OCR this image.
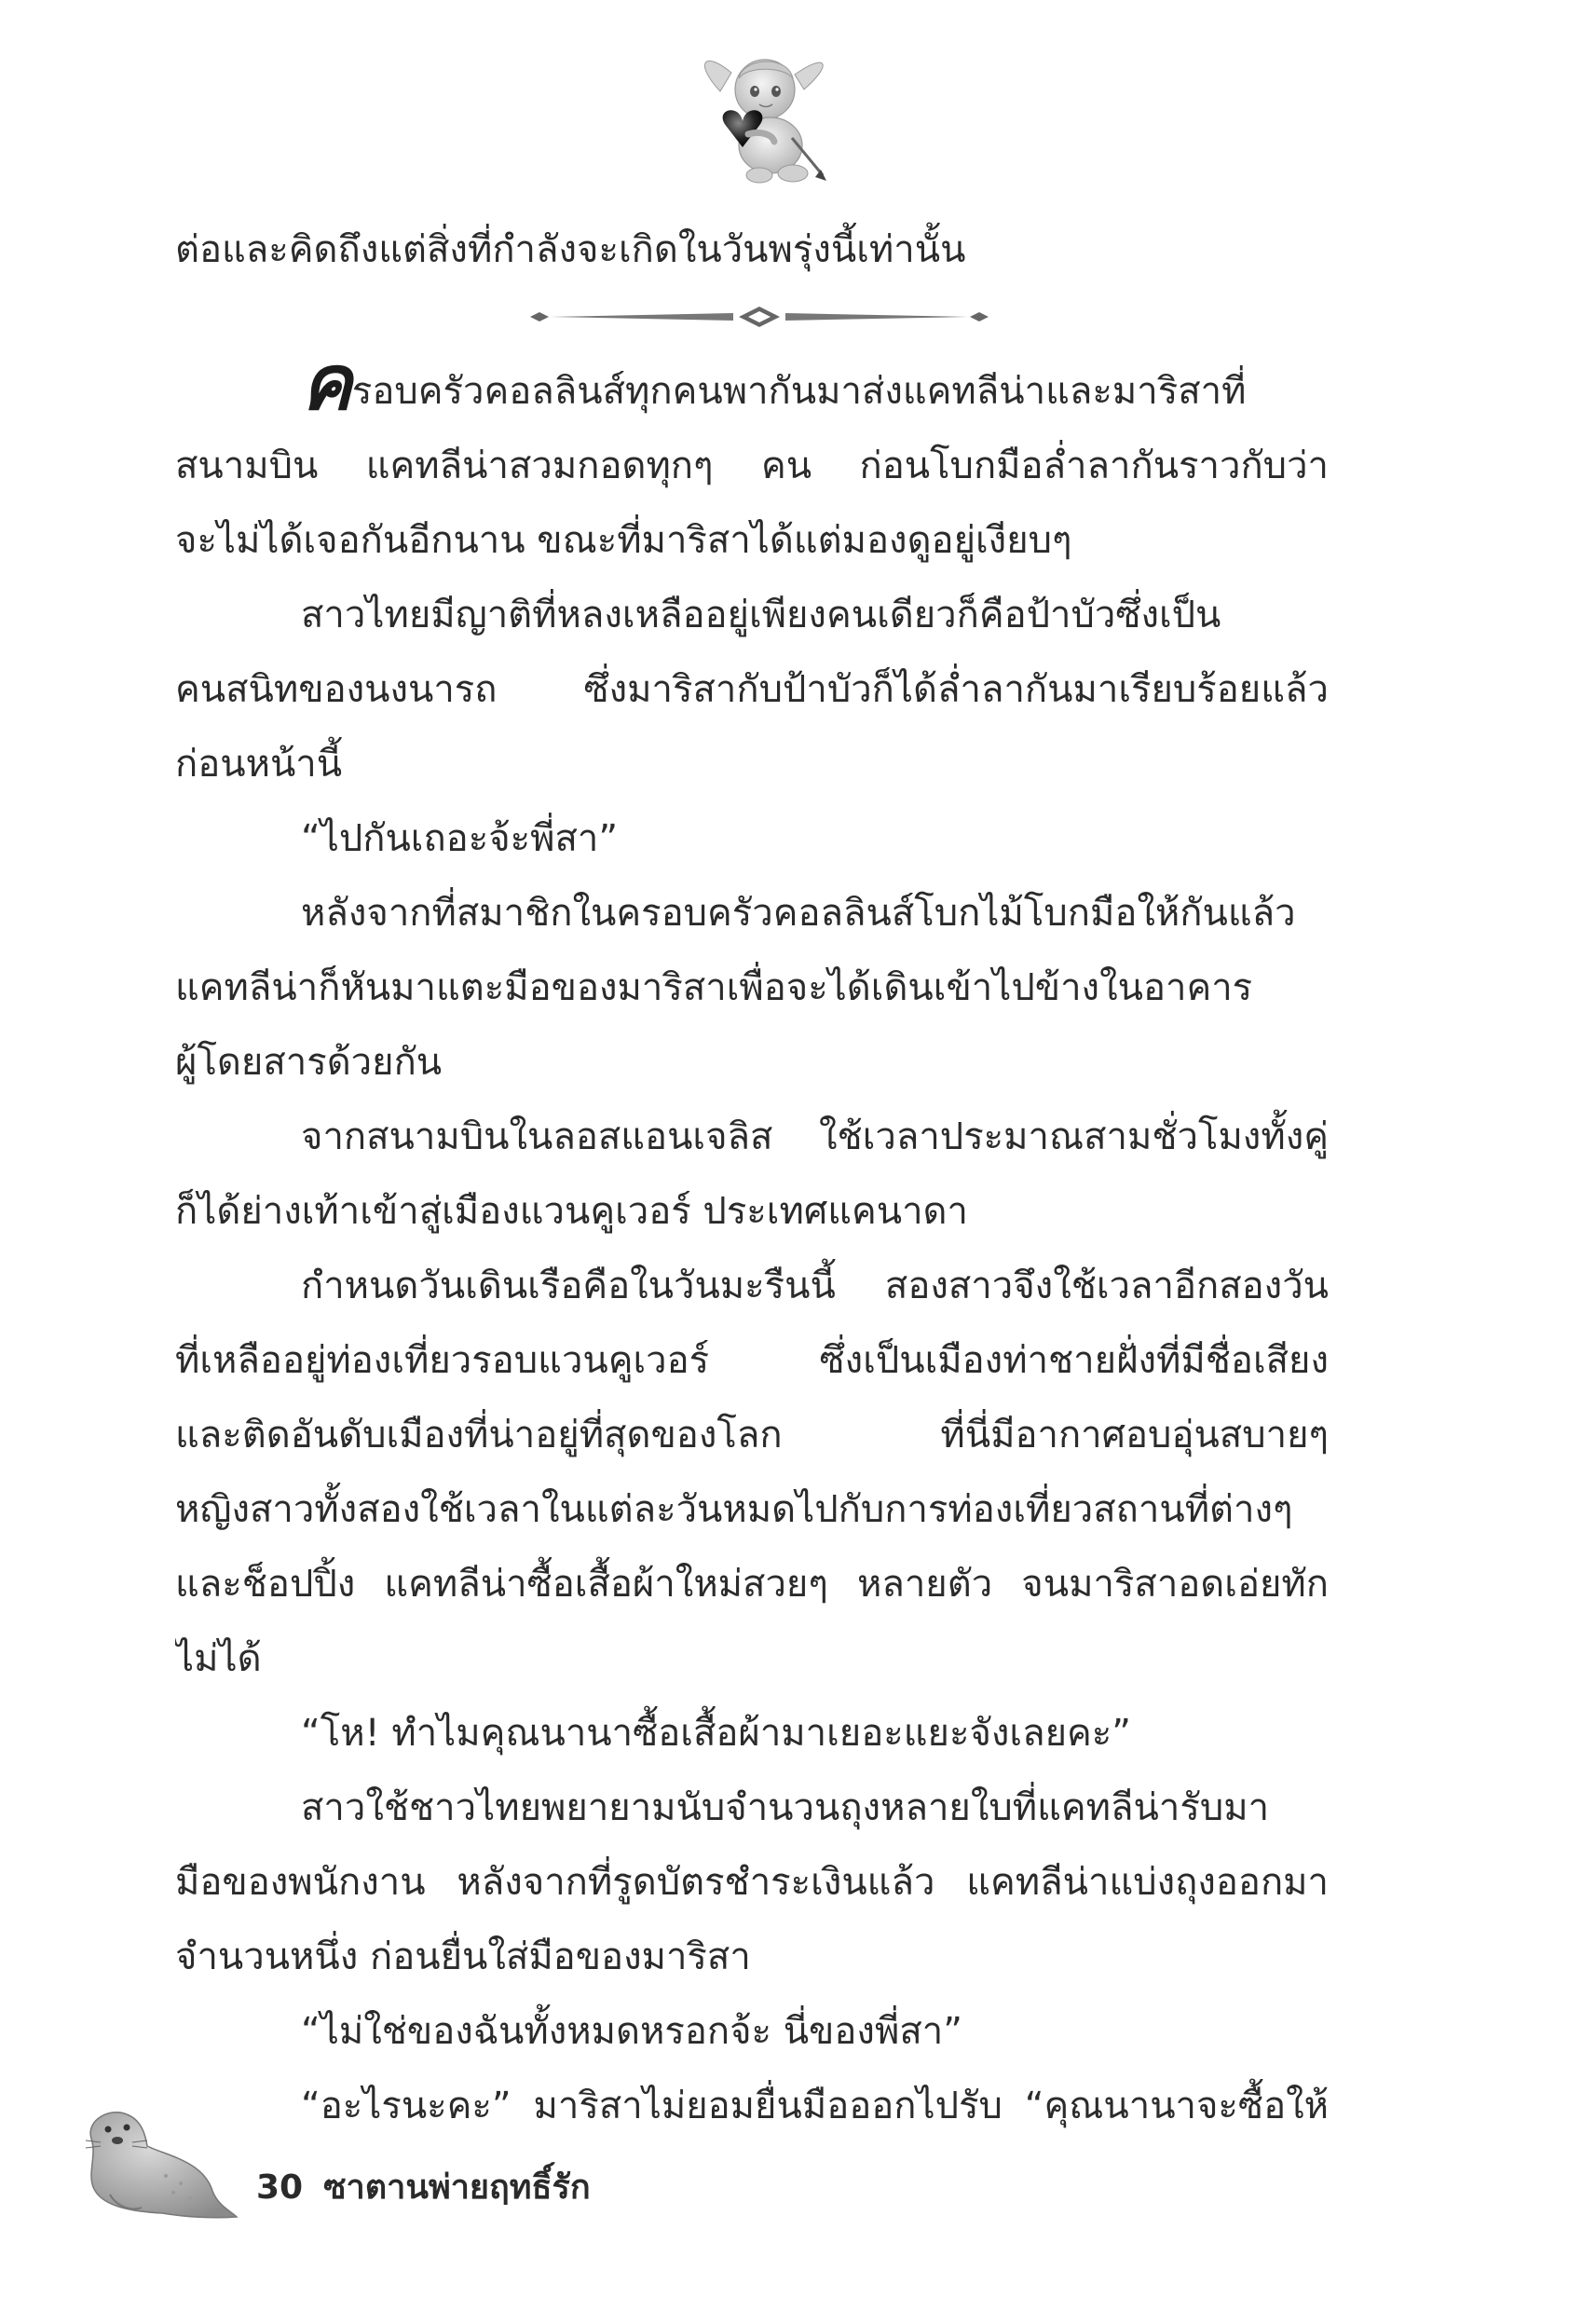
ต่อและคิดถึงแต่สิ่งที่กำลังจะเกิดในวันพรุ่งนี้เท่านั้น
ครอบครัวคอลลินส์ทุกคนพากันมาส่งแคทลีน่าและมาริสาที่
สนามบิน แคทลีน่าสวมกอดทุกๆ คน ก่อนโบกมือล่ำลากันราวกับว่า
จะไม่ได้เจอกันอีกนาน ขณะที่มาริสาได้แต่มองดูอยู่เงียบๆ
สาวไทยมีญาติที่หลงเหลืออยู่เพียงคนเดียวก็คือป้าบัวซึ่งเป็น
คนสนิทของนงนารถ ซึ่งมาริสากับป้าบัวก็ได้ล่ำลากันมาเรียบร้อยแล้ว
ก่อนหน้านี้
“ไปกันเถอะจ้ะพี่สา”
หลังจากที่สมาชิกในครอบครัวคอลลินส์โบกไม้โบกมือให้กันแล้ว
แคทลีน่าก็หันมาแตะมือของมาริสาเพื่อจะได้เดินเข้าไปข้างในอาคาร
ผู้โดยสารด้วยกัน
จากสนามบินในลอสแอนเจลิส ใช้เวลาประมาณสามชั่วโมงทั้งคู่
ก็ได้ย่างเท้าเข้าสู่เมืองแวนคูเวอร์ ประเทศแคนาดา
กำหนดวันเดินเรือคือในวันมะรืนนี้ สองสาวจึงใช้เวลาอีกสองวัน
ที่เหลืออยู่ท่องเที่ยวรอบแวนคูเวอร์ ซึ่งเป็นเมืองท่าชายฝั่งที่มีชื่อเสียง
และติดอันดับเมืองที่น่าอยู่ที่สุดของโลก ที่นี่มีอากาศอบอุ่นสบายๆ
หญิงสาวทั้งสองใช้เวลาในแต่ละวันหมดไปกับการท่องเที่ยวสถานที่ต่างๆ
และช็อปปิ้ง แคทลีน่าซื้อเสื้อผ้าใหม่สวยๆ หลายตัว จนมาริสาอดเอ่ยทัก
ไม่ได้
“โห! ทำไมคุณนานาซื้อเสื้อผ้ามาเยอะแยะจังเลยคะ”
สาวใช้ชาวไทยพยายามนับจำนวนถุงหลายใบที่แคทลีน่ารับมา
มือของพนักงาน หลังจากที่รูดบัตรชำระเงินแล้ว แคทลีน่าแบ่งถุงออกมา
จำนวนหนึ่ง ก่อนยื่นใส่มือของมาริสา
“ไม่ใช่ของฉันทั้งหมดหรอกจ้ะ นี่ของพี่สา”
“อะไรนะคะ” มาริสาไม่ยอมยื่นมือออกไปรับ “คุณนานาจะซื้อให้
30 ซาตานพ่ายฤทธิ์รัก
